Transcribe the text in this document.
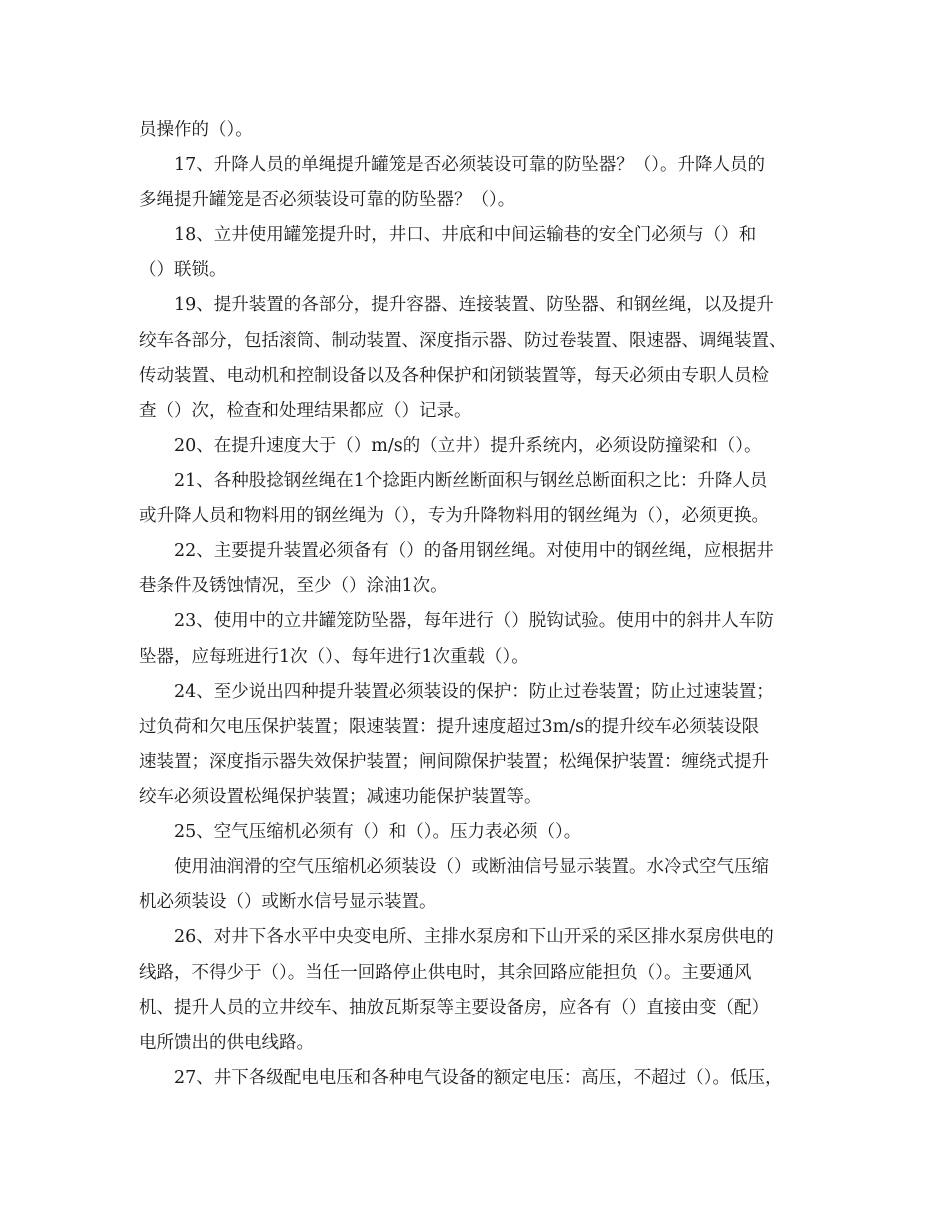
员操作的（）。
17、升降人员的单绳提升罐笼是否必须装设可靠的防坠器？（）。升降人员的
多绳提升罐笼是否必须装设可靠的防坠器？（）。
18、立井使用罐笼提升时，井口、井底和中间运输巷的安全门必须与（）和
（）联锁。
19、提升装置的各部分，提升容器、连接装置、防坠器、和钢丝绳，以及提升
绞车各部分，包括滚筒、制动装置、深度指示器、防过卷装置、限速器、调绳装置、
传动装置、电动机和控制设备以及各种保护和闭锁装置等，每天必须由专职人员检
查（）次，检查和处理结果都应（）记录。
20、在提升速度大于（）m/s的（立井）提升系统内，必须设防撞梁和（）。
21、各种股捻钢丝绳在1个捻距内断丝断面积与钢丝总断面积之比：升降人员
或升降人员和物料用的钢丝绳为（），专为升降物料用的钢丝绳为（），必须更换。
22、主要提升装置必须备有（）的备用钢丝绳。对使用中的钢丝绳，应根据井
巷条件及锈蚀情况，至少（）涂油1次。
23、使用中的立井罐笼防坠器，每年进行（）脱钩试验。使用中的斜井人车防
坠器，应每班进行1次（）、每年进行1次重载（）。
24、至少说出四种提升装置必须装设的保护：防止过卷装置；防止过速装置；
过负荷和欠电压保护装置；限速装置：提升速度超过3m/s的提升绞车必须装设限
速装置；深度指示器失效保护装置；闸间隙保护装置；松绳保护装置：缠绕式提升
绞车必须设置松绳保护装置；减速功能保护装置等。
25、空气压缩机必须有（）和（）。压力表必须（）。
使用油润滑的空气压缩机必须装设（）或断油信号显示装置。水冷式空气压缩
机必须装设（）或断水信号显示装置。
26、对井下各水平中央变电所、主排水泵房和下山开采的采区排水泵房供电的
线路，不得少于（）。当任一回路停止供电时，其余回路应能担负（）。主要通风
机、提升人员的立井绞车、抽放瓦斯泵等主要设备房，应各有（）直接由变（配）
电所馈出的供电线路。
27、井下各级配电电压和各种电气设备的额定电压：高压，不超过（）。低压，
